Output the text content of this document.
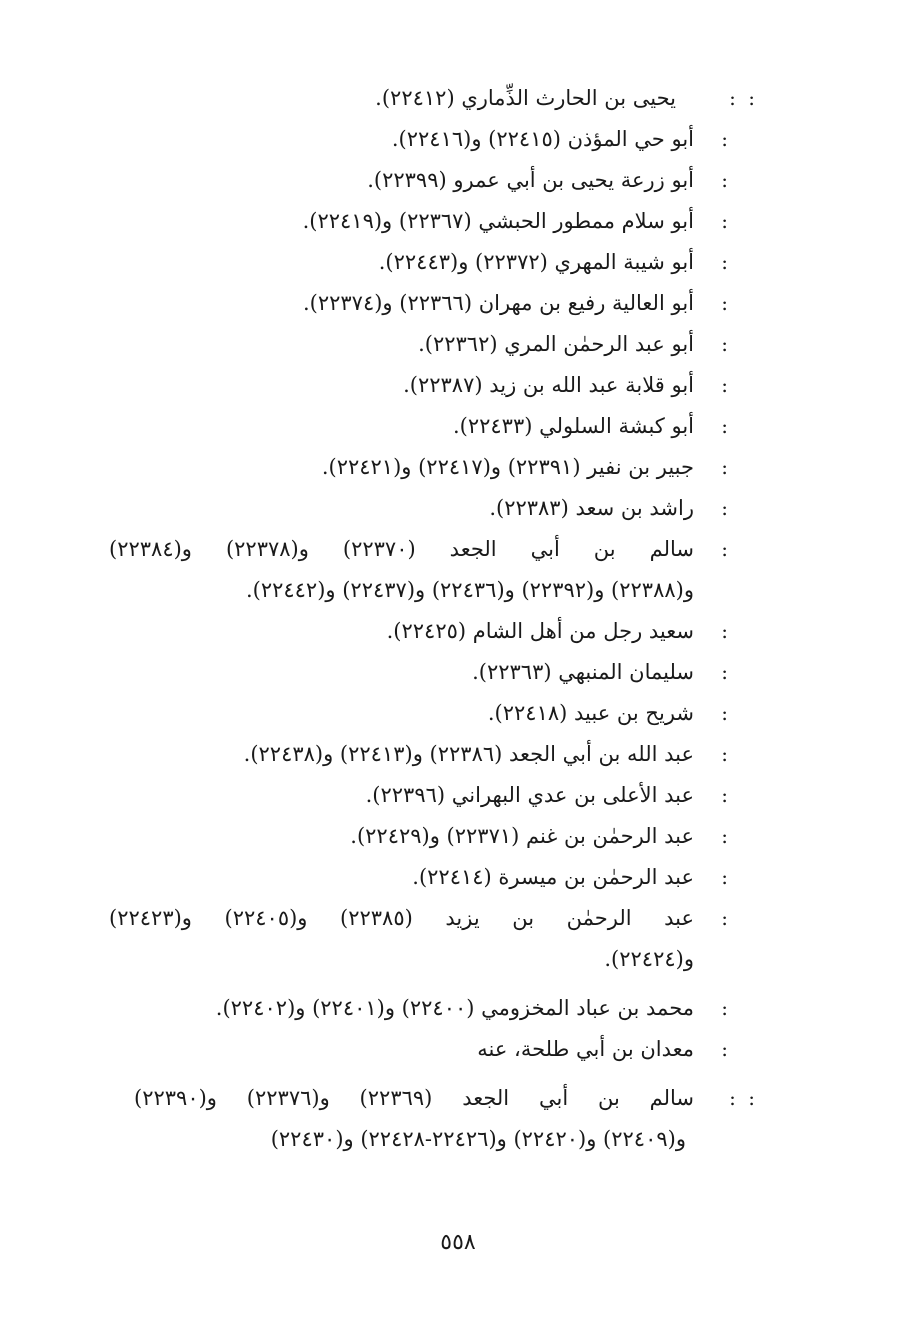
: :
يحيى بن الحارث الذِّماري (٢٢٤١٢).
:
أبو حي المؤذن (٢٢٤١٥) و(٢٢٤١٦).
:
أبو زرعة يحيى بن أبي عمرو (٢٢٣٩٩).
:
أبو سلام ممطور الحبشي (٢٢٣٦٧) و(٢٢٤١٩).
:
أبو شيبة المهري (٢٢٣٧٢) و(٢٢٤٤٣).
:
أبو العالية رفيع بن مهران (٢٢٣٦٦) و(٢٢٣٧٤).
:
أبو عبد الرحمٰن المري (٢٢٣٦٢).
:
أبو قلابة عبد الله بن زيد (٢٢٣٨٧).
:
أبو كبشة السلولي (٢٢٤٣٣).
:
جبير بن نفير (٢٢٣٩١) و(٢٢٤١٧) و(٢٢٤٢١).
:
راشد بن سعد (٢٢٣٨٣).
:
سالم بن أبي الجعد (٢٢٣٧٠) و(٢٢٣٧٨) و(٢٢٣٨٤)
و(٢٢٣٨٨) و(٢٢٣٩٢) و(٢٢٤٣٦) و(٢٢٤٣٧) و(٢٢٤٤٢).
:
سعيد رجل من أهل الشام (٢٢٤٢٥).
:
سليمان المنبهي (٢٢٣٦٣).
:
شريح بن عبيد (٢٢٤١٨).
:
عبد الله بن أبي الجعد (٢٢٣٨٦) و(٢٢٤١٣) و(٢٢٤٣٨).
:
عبد الأعلى بن عدي البهراني (٢٢٣٩٦).
:
عبد الرحمٰن بن غنم (٢٢٣٧١) و(٢٢٤٢٩).
:
عبد الرحمٰن بن ميسرة (٢٢٤١٤).
:
عبد الرحمٰن بن يزيد (٢٢٣٨٥) و(٢٢٤٠٥) و(٢٢٤٢٣)
و(٢٢٤٢٤).
:
محمد بن عباد المخزومي (٢٢٤٠٠) و(٢٢٤٠١) و(٢٢٤٠٢).
:
معدان بن أبي طلحة، عنه
: :
سالم بن أبي الجعد (٢٢٣٦٩) و(٢٢٣٧٦) و(٢٢٣٩٠)
و(٢٢٤٠٩) و(٢٢٤٢٠) و(٢٢٤٢٦-٢٢٤٢٨) و(٢٢٤٣٠)
٥٥٨
